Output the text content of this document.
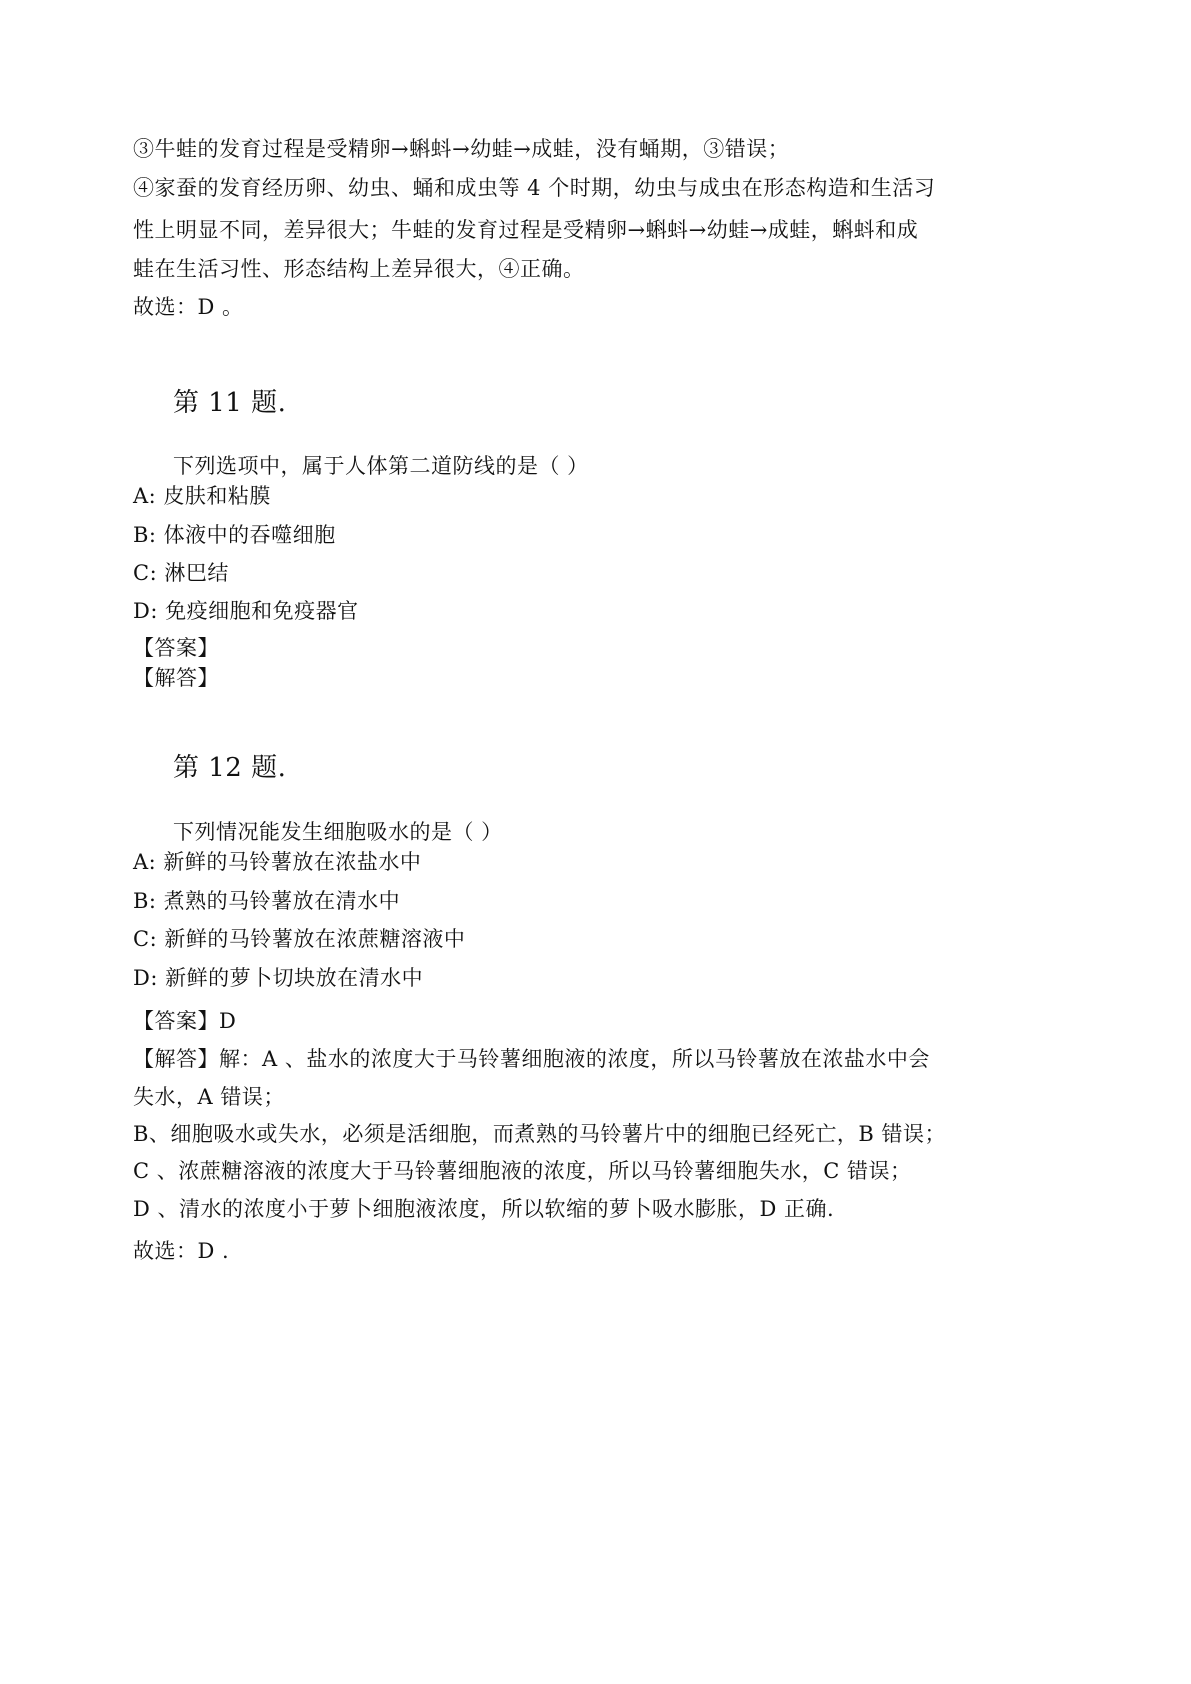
③牛蛙的发育过程是受精卵→蝌蚪→幼蛙→成蛙，没有蛹期，③错误；
④家蚕的发育经历卵、幼虫、蛹和成虫等 4 个时期，幼虫与成虫在形态构造和生活习
性上明显不同，差异很大；牛蛙的发育过程是受精卵→蝌蚪→幼蛙→成蛙，蝌蚪和成
蛙在生活习性、形态结构上差异很大，④正确。
故选：D 。
第 11 题.
下列选项中，属于人体第二道防线的是（ ）
A: 皮肤和粘膜
B: 体液中的吞噬细胞
C: 淋巴结
D: 免疫细胞和免疫器官
【答案】
【解答】
第 12 题.
下列情况能发生细胞吸水的是（ ）
A: 新鲜的马铃薯放在浓盐水中
B: 煮熟的马铃薯放在清水中
C: 新鲜的马铃薯放在浓蔗糖溶液中
D: 新鲜的萝卜切块放在清水中
【答案】D
【解答】解：A 、盐水的浓度大于马铃薯细胞液的浓度，所以马铃薯放在浓盐水中会
失水，A 错误；
B、细胞吸水或失水，必须是活细胞，而煮熟的马铃薯片中的细胞已经死亡，B 错误；
C 、浓蔗糖溶液的浓度大于马铃薯细胞液的浓度，所以马铃薯细胞失水，C 错误；
D 、清水的浓度小于萝卜细胞液浓度，所以软缩的萝卜吸水膨胀，D 正确.
故选：D .
